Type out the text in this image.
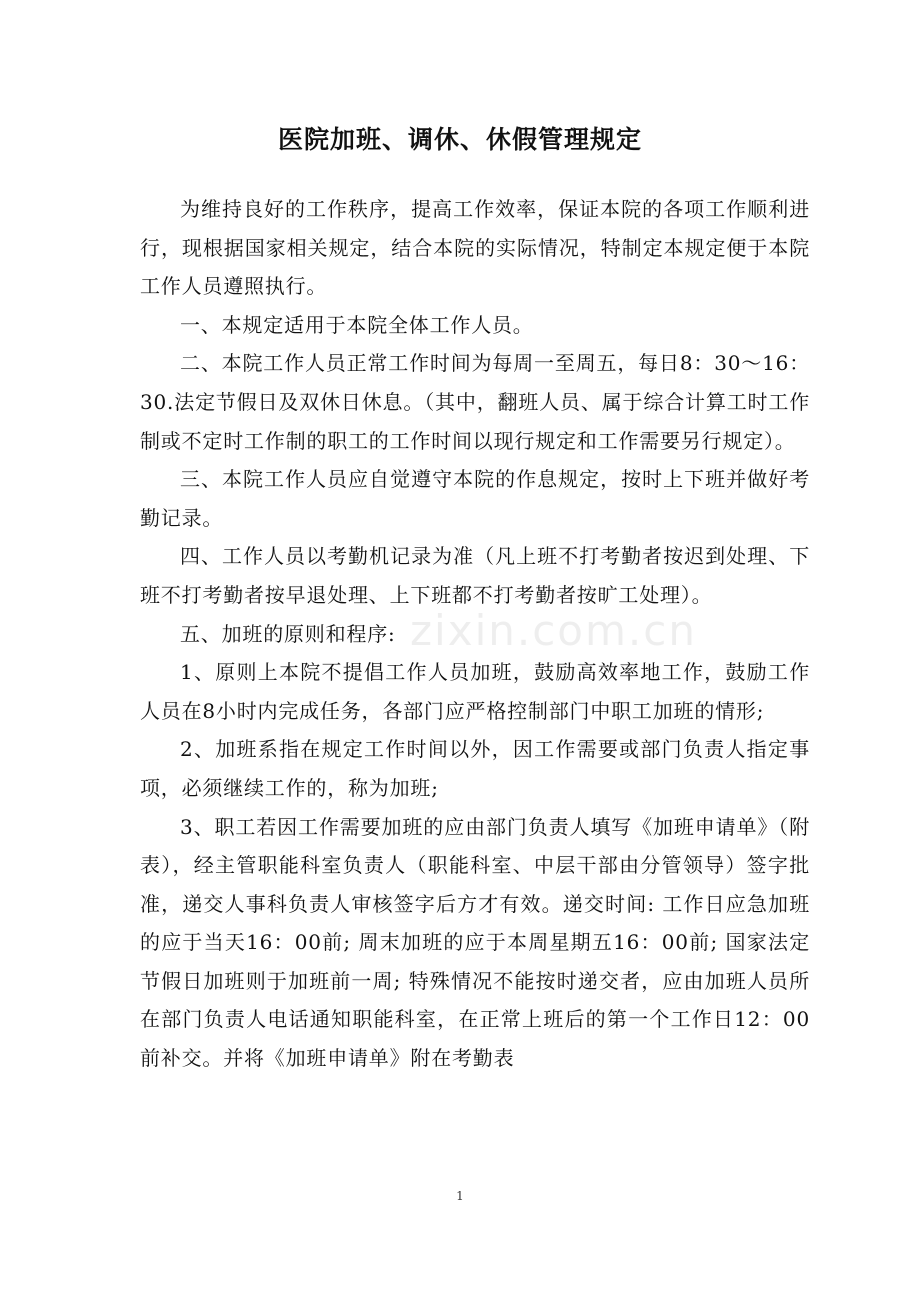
医院加班、调休、休假管理规定

为维持良好的工作秩序，提高工作效率，保证本院的各项工作顺利进行，现根据国家相关规定，结合本院的实际情况，特制定本规定便于本院工作人员遵照执行。

一、本规定适用于本院全体工作人员。

二、本院工作人员正常工作时间为每周一至周五，每日8：30～16：30.法定节假日及双休日休息。（其中，翻班人员、属于综合计算工时工作制或不定时工作制的职工的工作时间以现行规定和工作需要另行规定）。

三、本院工作人员应自觉遵守本院的作息规定，按时上下班并做好考勤记录。

四、工作人员以考勤机记录为准（凡上班不打考勤者按迟到处理、下班不打考勤者按早退处理、上下班都不打考勤者按旷工处理）。

五、加班的原则和程序:

1、原则上本院不提倡工作人员加班，鼓励高效率地工作，鼓励工作人员在8小时内完成任务，各部门应严格控制部门中职工加班的情形;

2、加班系指在规定工作时间以外，因工作需要或部门负责人指定事项，必须继续工作的，称为加班;

3、职工若因工作需要加班的应由部门负责人填写《加班申请单》（附表），经主管职能科室负责人（职能科室、中层干部由分管领导）签字批准，递交人事科负责人审核签字后方才有效。递交时间: 工作日应急加班的应于当天16：00前; 周末加班的应于本周星期五16：00前; 国家法定节假日加班则于加班前一周; 特殊情况不能按时递交者，应由加班人员所在部门负责人电话通知职能科室，在正常上班后的第一个工作日12：00前补交。并将《加班申请单》附在考勤表

zixin.com.cn
1
